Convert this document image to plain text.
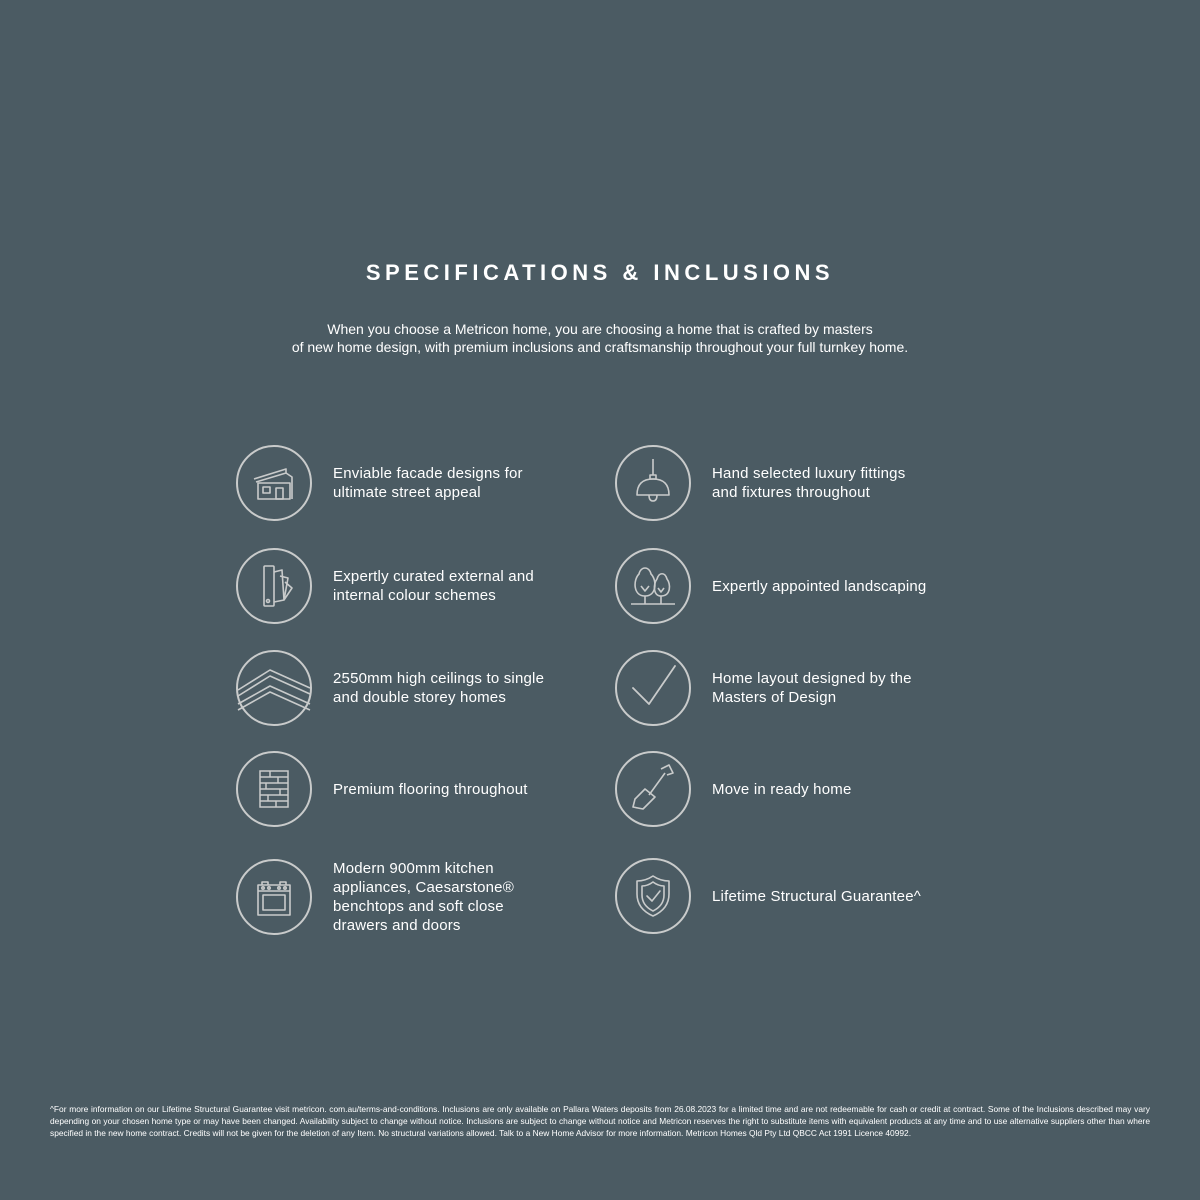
SPECIFICATIONS & INCLUSIONS
When you choose a Metricon home, you are choosing a home that is crafted by masters
of new home design, with premium inclusions and craftsmanship throughout your full turnkey home.
Enviable facade designs for
ultimate street appeal
Expertly curated external and
internal colour schemes
2550mm high ceilings to single
and double storey homes
Premium flooring throughout
Modern 900mm kitchen
appliances, Caesarstone®
benchtops and soft close
drawers and doors
Hand selected luxury fittings
and fixtures throughout
Expertly appointed landscaping
Home layout designed by the
Masters of Design
Move in ready home
Lifetime Structural Guarantee^
^For more information on our Lifetime Structural Guarantee visit metricon. com.au/terms-and-conditions. Inclusions are only available on Pallara Waters deposits from 26.08.2023 for a limited time and are not redeemable for cash or credit at contract. Some of the Inclusions described may vary depending on your chosen home type or may have been changed. Availability subject to change without notice. Inclusions are subject to change without notice and Metricon reserves the right to substitute items with equivalent products at any time and to use alternative suppliers other than where specified in the new home contract. Credits will not be given for the deletion of any Item. No structural variations allowed. Talk to a New Home Advisor for more information. Metricon Homes Qld Pty Ltd QBCC Act 1991 Licence 40992.
